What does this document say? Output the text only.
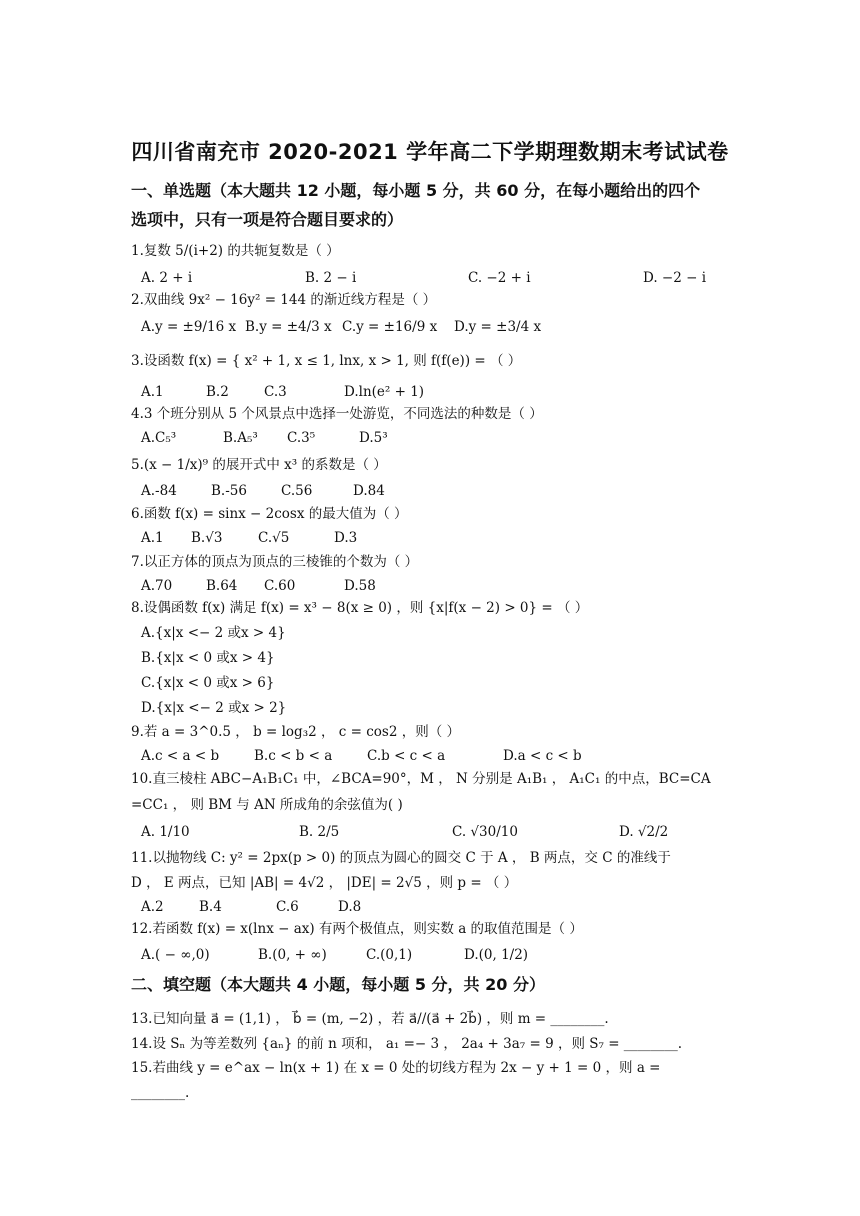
四川省南充市 2020-2021 学年高二下学期理数期末考试试卷
一、单选题（本大题共 12 小题，每小题 5 分，共 60 分，在每小题给出的四个
选项中，只有一项是符合题目要求的）
1.复数 5/(i+2) 的共轭复数是（ ）
A. 2 + i	B. 2 − i	C. −2 + i	D. −2 − i
2.双曲线 9x² − 16y² = 144 的渐近线方程是（ ）
A.y = ±9/16 x B.y = ±4/3 x C.y = ±16/9 x D.y = ±3/4 x
3.设函数 f(x) = { x² + 1, x ≤ 1, lnx, x > 1, 则 f(f(e)) = （ ）
A.1	B.2	C.3	D.ln(e² + 1)
4.3 个班分别从 5 个风景点中选择一处游览，不同选法的种数是（ ）
A.C₅³	B.A₅³ C.3⁵	D.5³
5.(x − 1/x)⁹ 的展开式中 x³ 的系数是（ ）
A.-84	B.-56	C.56	D.84
6.函数 f(x) = sinx − 2cosx 的最大值为（ ）
A.1 B.√3	C.√5	D.3
7.以正方体的顶点为顶点的三棱锥的个数为（ ）
A.70	B.64 C.60	D.58
8.设偶函数 f(x) 满足 f(x) = x³ − 8(x ≥ 0) ，则 {x|f(x − 2) > 0} = （ ）
A.{x|x <− 2 或x > 4}
B.{x|x < 0 或x > 4}
C.{x|x < 0 或x > 6}
D.{x|x <− 2 或x > 2}
9.若 a = 3^0.5 ， b = log₃2 ， c = cos2 ，则（ ）
A.c < a < b	B.c < b < a	C.b < c < a	D.a < c < b
10.直三棱柱 ABC−A₁B₁C₁ 中，∠BCA=90°，M ， N 分别是 A₁B₁ ， A₁C₁ 的中点，BC=CA
=CC₁ ， 则 BM 与 AN 所成角的余弦值为( )
A. 1/10	B. 2/5	C. √30/10	D. √2/2
11.以抛物线 C: y² = 2px(p > 0) 的顶点为圆心的圆交 C 于 A ， B 两点，交 C 的准线于
D ， E 两点，已知 |AB| = 4√2 ， |DE| = 2√5 ，则 p = （ ）
A.2	B.4	C.6	D.8
12.若函数 f(x) = x(lnx − ax) 有两个极值点，则实数 a 的取值范围是（ ）
A.( − ∞,0)	B.(0, + ∞)	C.(0,1)	D.(0, 1/2)
二、填空题（本大题共 4 小题，每小题 5 分，共 20 分）
13.已知向量 a⃗ = (1,1) ， b⃗ = (m, −2) ，若 a⃗//(a⃗ + 2b⃗) ，则 m = ________.
14.设 Sₙ 为等差数列 {aₙ} 的前 n 项和， a₁ =− 3 ， 2a₄ + 3a₇ = 9 ，则 S₇ = ________.
15.若曲线 y = e^ax − ln(x + 1) 在 x = 0 处的切线方程为 2x − y + 1 = 0 ，则 a =
________.
